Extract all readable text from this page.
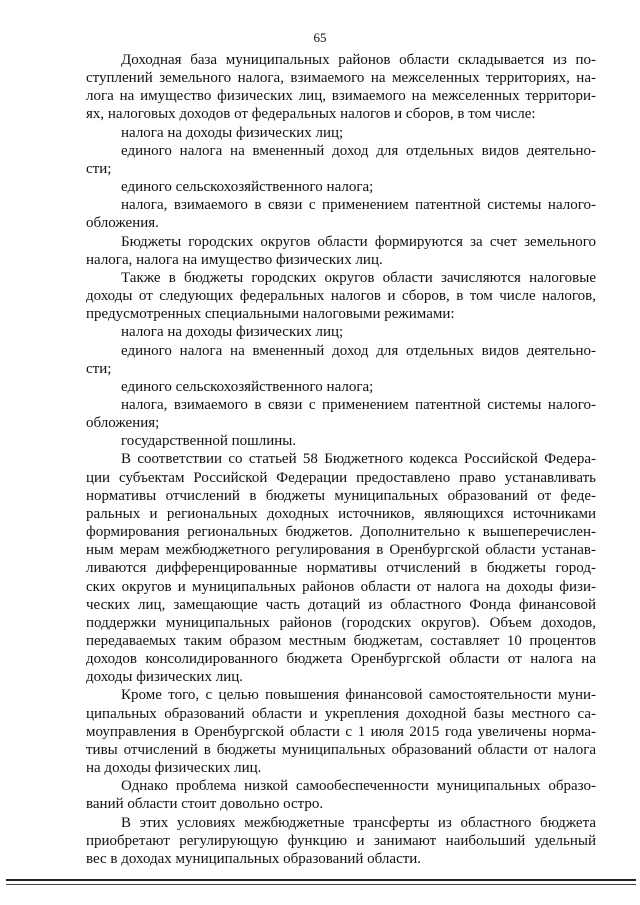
65
Доходная база муниципальных районов области складывается из по-
ступлений земельного налога, взимаемого на межселенных территориях, на-
лога на имущество физических лиц, взимаемого на межселенных территори-
ях, налоговых доходов от федеральных налогов и сборов, в том числе:
налога на доходы физических лиц;
единого налога на вмененный доход для отдельных видов деятельно-
сти;
единого сельскохозяйственного налога;
налога, взимаемого в связи с применением патентной системы налого-
обложения.
Бюджеты городских округов области формируются за счет земельного
налога, налога на имущество физических лиц.
Также в бюджеты городских округов области зачисляются налоговые
доходы от следующих федеральных налогов и сборов, в том числе налогов,
предусмотренных специальными налоговыми режимами:
налога на доходы физических лиц;
единого налога на вмененный доход для отдельных видов деятельно-
сти;
единого сельскохозяйственного налога;
налога, взимаемого в связи с применением патентной системы налого-
обложения;
государственной пошлины.
В соответствии со статьей 58 Бюджетного кодекса Российской Федера-
ции субъектам Российской Федерации предоставлено право устанавливать
нормативы отчислений в бюджеты муниципальных образований от феде-
ральных и региональных доходных источников, являющихся источниками
формирования региональных бюджетов. Дополнительно к вышеперечислен-
ным мерам межбюджетного регулирования в Оренбургской области устанав-
ливаются дифференцированные нормативы отчислений в бюджеты город-
ских округов и муниципальных районов области от налога на доходы физи-
ческих лиц, замещающие часть дотаций из областного Фонда финансовой
поддержки муниципальных районов (городских округов). Объем доходов,
передаваемых таким образом местным бюджетам, составляет 10 процентов
доходов консолидированного бюджета Оренбургской области от налога на
доходы физических лиц.
Кроме того, с целью повышения финансовой самостоятельности муни-
ципальных образований области и укрепления доходной базы местного са-
моуправления в Оренбургской области с 1 июля 2015 года увеличены норма-
тивы отчислений в бюджеты муниципальных образований области от налога
на доходы физических лиц.
Однако проблема низкой самообеспеченности муниципальных образо-
ваний области стоит довольно остро.
В этих условиях межбюджетные трансферты из областного бюджета
приобретают регулирующую функцию и занимают наибольший удельный
вес в доходах муниципальных образований области.
